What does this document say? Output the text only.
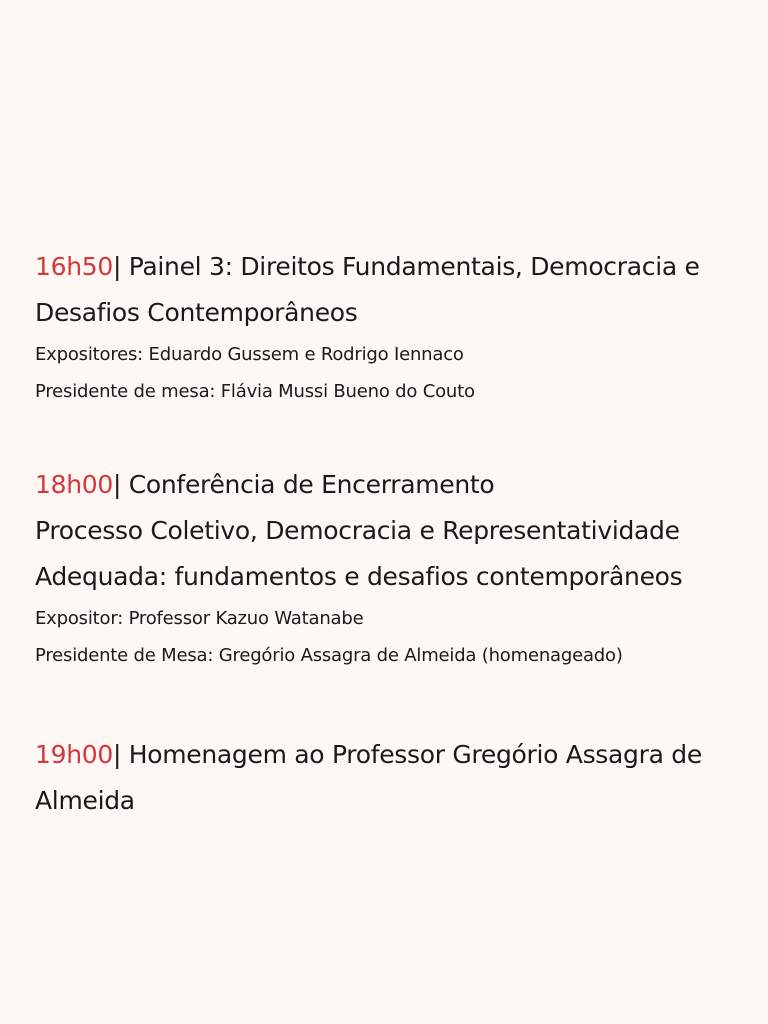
16h50| Painel 3: Direitos Fundamentais, Democracia e

Desafios Contemporâneos

Expositores: Eduardo Gussem e Rodrigo Iennaco

Presidente de mesa: Flávia Mussi Bueno do Couto

18h00| Conferência de Encerramento

Processo Coletivo, Democracia e Representatividade

Adequada: fundamentos e desafios contemporâneos

Expositor: Professor Kazuo Watanabe

Presidente de Mesa: Gregório Assagra de Almeida (homenageado)

19h00| Homenagem ao Professor Gregório Assagra de

Almeida
